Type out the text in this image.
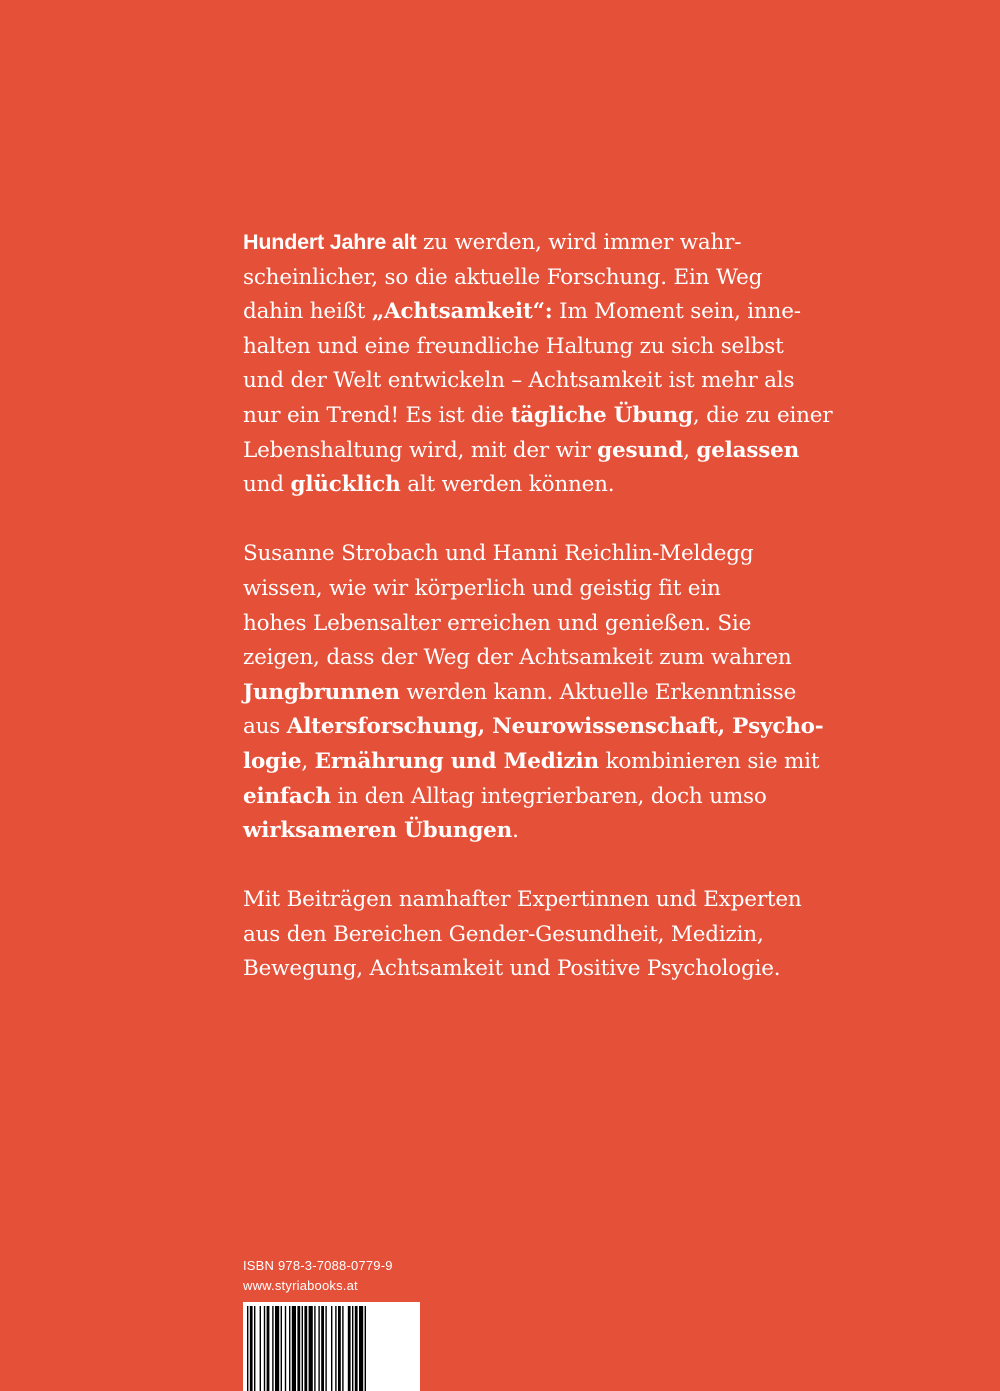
Hundert Jahre alt zu werden, wird immer wahr-
scheinlicher, so die aktuelle Forschung. Ein Weg
dahin heißt „Achtsamkeit“: Im Moment sein, inne-
halten und eine freundliche Haltung zu sich selbst
und der Welt entwickeln – Achtsamkeit ist mehr als
nur ein Trend! Es ist die tägliche Übung, die zu einer
Lebenshaltung wird, mit der wir gesund, gelassen
und glücklich alt werden können.

Susanne Strobach und Hanni Reichlin-Meldegg
wissen, wie wir körperlich und geistig fit ein
hohes Lebensalter erreichen und genießen. Sie
zeigen, dass der Weg der Achtsamkeit zum wahren
Jungbrunnen werden kann. Aktuelle Erkenntnisse
aus Altersforschung, Neurowissenschaft, Psycho-
logie, Ernährung und Medizin kombinieren sie mit
einfach in den Alltag integrierbaren, doch umso
wirksameren Übungen.

Mit Beiträgen namhafter Expertinnen und Experten
aus den Bereichen Gender-Gesundheit, Medizin,
Bewegung, Achtsamkeit und Positive Psychologie.

ISBN 978-3-7088-0779-9
www.styriabooks.at
